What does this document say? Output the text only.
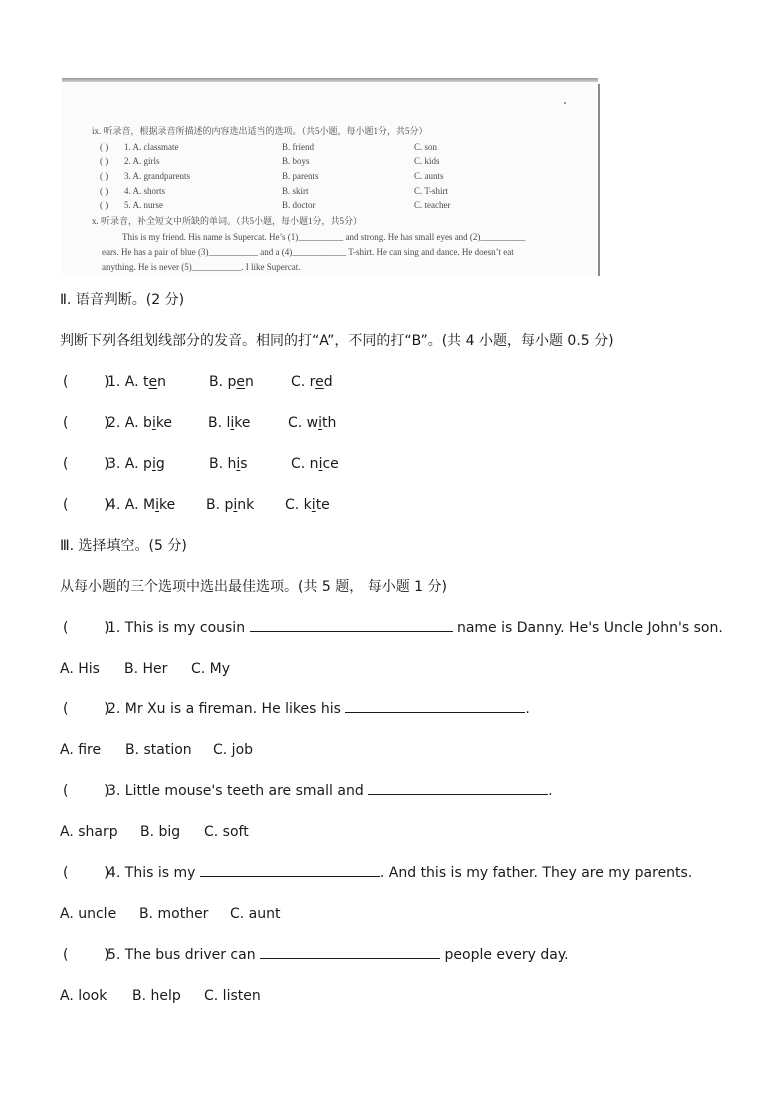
ix. 听录音，根据录音所描述的内容选出适当的选项。（共5小题，每小题1分，共5分）
( ) 1. A. classmate	B. friend	C. son
( ) 2. A. girls	B. boys	C. kids
( ) 3. A. grandparents	B. parents	C. aunts
( ) 4. A. shorts	B. skirt	C. T-shirt
( ) 5. A. nurse	B. doctor	C. teacher
x. 听录音，补全短文中所缺的单词。（共5小题，每小题1分，共5分）
This is my friend. His name is Supercat. He’s (1)__________ and strong. He has small eyes and (2)__________
ears. He has a pair of blue (3)___________ and a (4)____________ T-shirt. He can sing and dance. He doesn’t eat
anything. He is never (5)___________. I like Supercat.
Ⅱ. 语音判断。(2 分)
判断下列各组划线部分的发音。相同的打“A”，不同的打“B”。(共 4 小题，每小题 0.5 分)
(        )
1. A. ten	B. pen	C. red
(        )
2. A. bike	B. like	C. with
(        )
3. A. pig	B. his	C. nice
(        )
4. A. Mike B. pink C. kite
Ⅲ. 选择填空。(5 分)
从每小题的三个选项中选出最佳选项。(共 5 题， 每小题 1 分)
(        )
1. This is my cousin	name is Danny. He's Uncle John's son.
A. His B. Her C. My
(        )
2. Mr Xu is a fireman. He likes his	.
A. fire B. station C. job
(        )
3. Little mouse's teeth are small and	.
A. sharp B. big C. soft
(        )
4. This is my	. And this is my father. They are my parents.
A. uncle B. mother C. aunt
(        )
5. The bus driver can	people every day.
A. look B. help C. listen
